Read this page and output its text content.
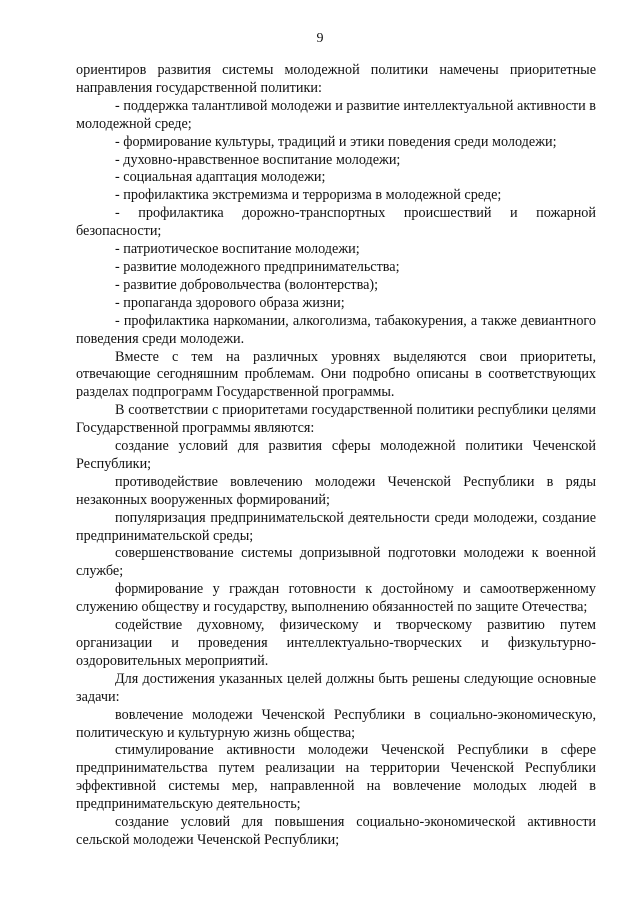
9

ориентиров развития системы молодежной политики намечены приоритетные направления государственной политики:

- поддержка талантливой молодежи и развитие интеллектуальной активности в молодежной среде;

- формирование культуры, традиций и этики поведения среди молодежи;

- духовно-нравственное воспитание молодежи;

- социальная адаптация молодежи;

- профилактика экстремизма и терроризма в молодежной среде;

- профилактика дорожно-транспортных происшествий и пожарной безопасности;

- патриотическое воспитание молодежи;

- развитие молодежного предпринимательства;

- развитие добровольчества (волонтерства);

- пропаганда здорового образа жизни;

- профилактика наркомании, алкоголизма, табакокурения, а также девиантного поведения среди молодежи.

Вместе с тем на различных уровнях выделяются свои приоритеты, отвечающие сегодняшним проблемам. Они подробно описаны в соответствующих разделах подпрограмм Государственной программы.

В соответствии с приоритетами государственной политики республики целями Государственной программы являются:

создание условий для развития сферы молодежной политики Чеченской Республики;

противодействие вовлечению молодежи Чеченской Республики в ряды незаконных вооруженных формирований;

популяризация предпринимательской деятельности среди молодежи, создание предпринимательской среды;

совершенствование системы допризывной подготовки молодежи к военной службе;

формирование у граждан готовности к достойному и самоотверженному служению обществу и государству, выполнению обязанностей по защите Отечества;

содействие духовному, физическому и творческому развитию путем организации и проведения интеллектуально-творческих и физкультурно-оздоровительных мероприятий.

Для достижения указанных целей должны быть решены следующие основные задачи:

вовлечение молодежи Чеченской Республики в социально-экономическую, политическую и культурную жизнь общества;

стимулирование активности молодежи Чеченской Республики в сфере предпринимательства путем реализации на территории Чеченской Республики эффективной системы мер, направленной на вовлечение молодых людей в предпринимательскую деятельность;

создание условий для повышения социально-экономической активности сельской молодежи Чеченской Республики;
